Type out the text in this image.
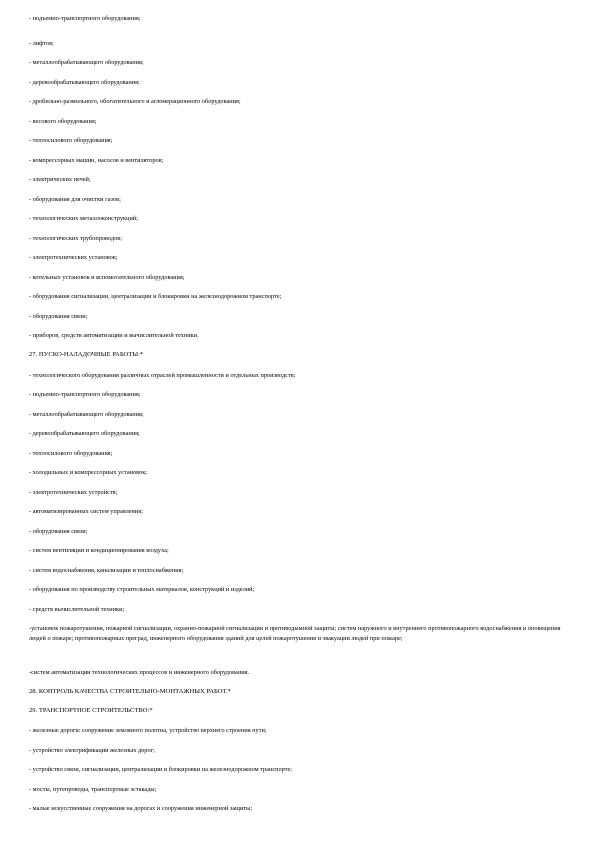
- подъемно-транспортного оборудования;
- лифтов;
- металлообрабатывающего оборудования;
- деревообрабатывающего оборудования;
- дробильно-размольного, обогатительного и агломерационного оборудования;
- весового оборудования;
- теплосилового оборудования;
- компрессорных машин, насосов и вентиляторов;
- электрических печей;
- оборудования для очистки газов;
- технологических металлоконструкций;
- технологических трубопроводов;
- электротехнических установок;
- котельных установок и вспомогательного оборудования;
- оборудования сигнализации, централизации и блокировки на железнодорожном транспорте;
- оборудования связи;
- приборов, средств автоматизации и вычислительной техники.
27. ПУСКО-НАЛАДОЧНЫЕ РАБОТЫ:*
- технологического оборудования различных отраслей промышленности и отдельных производств;
- подъемно-транспортного оборудования;
- металлообрабатывающего оборудования;
- деревообрабатывающего оборудования;
- теплосилового оборудования;
- холодильных и компрессорных установок;
- электротехнических устройств;
- автоматизированных систем управления;
- оборудования связи;
- систем вентиляции и кондиционирования воздуха;
- систем водоснабжения, канализации и теплоснабжения;
- оборудования по производству строительных материалов, конструкций и изделий;
- средств вычислительной техники;
-установок пожаротушения, пожарной сигнализации, охранно-пожарной сигнализации и противодымной защиты; систем наружного и внутреннего противопожарного водоснабжения и оповещения людей о пожаре; противопожарных преград, инженерного оборудования зданий для целей пожаротушения и эвакуации людей при пожаре;
-систем автоматизации технологических процессов и инженерного оборудования.
28. КОНТРОЛЬ КАЧЕСТВА СТРОИТЕЛЬНО-МОНТАЖНЫХ РАБОТ.*
29. ТРАНСПОРТНОЕ СТРОИТЕЛЬСТВО:*
- железные дороги: сооружение земляного полотна, устройство верхнего строения пути;
- устройство электрификации железных дорог;
- устройство связи, сигнализации, централизации и блокировки на железнодорожном транспорте;
- мосты, путепроводы, транспортные эстакады;
- малые искусственные сооружения на дорогах и сооружения инженерной защиты;
